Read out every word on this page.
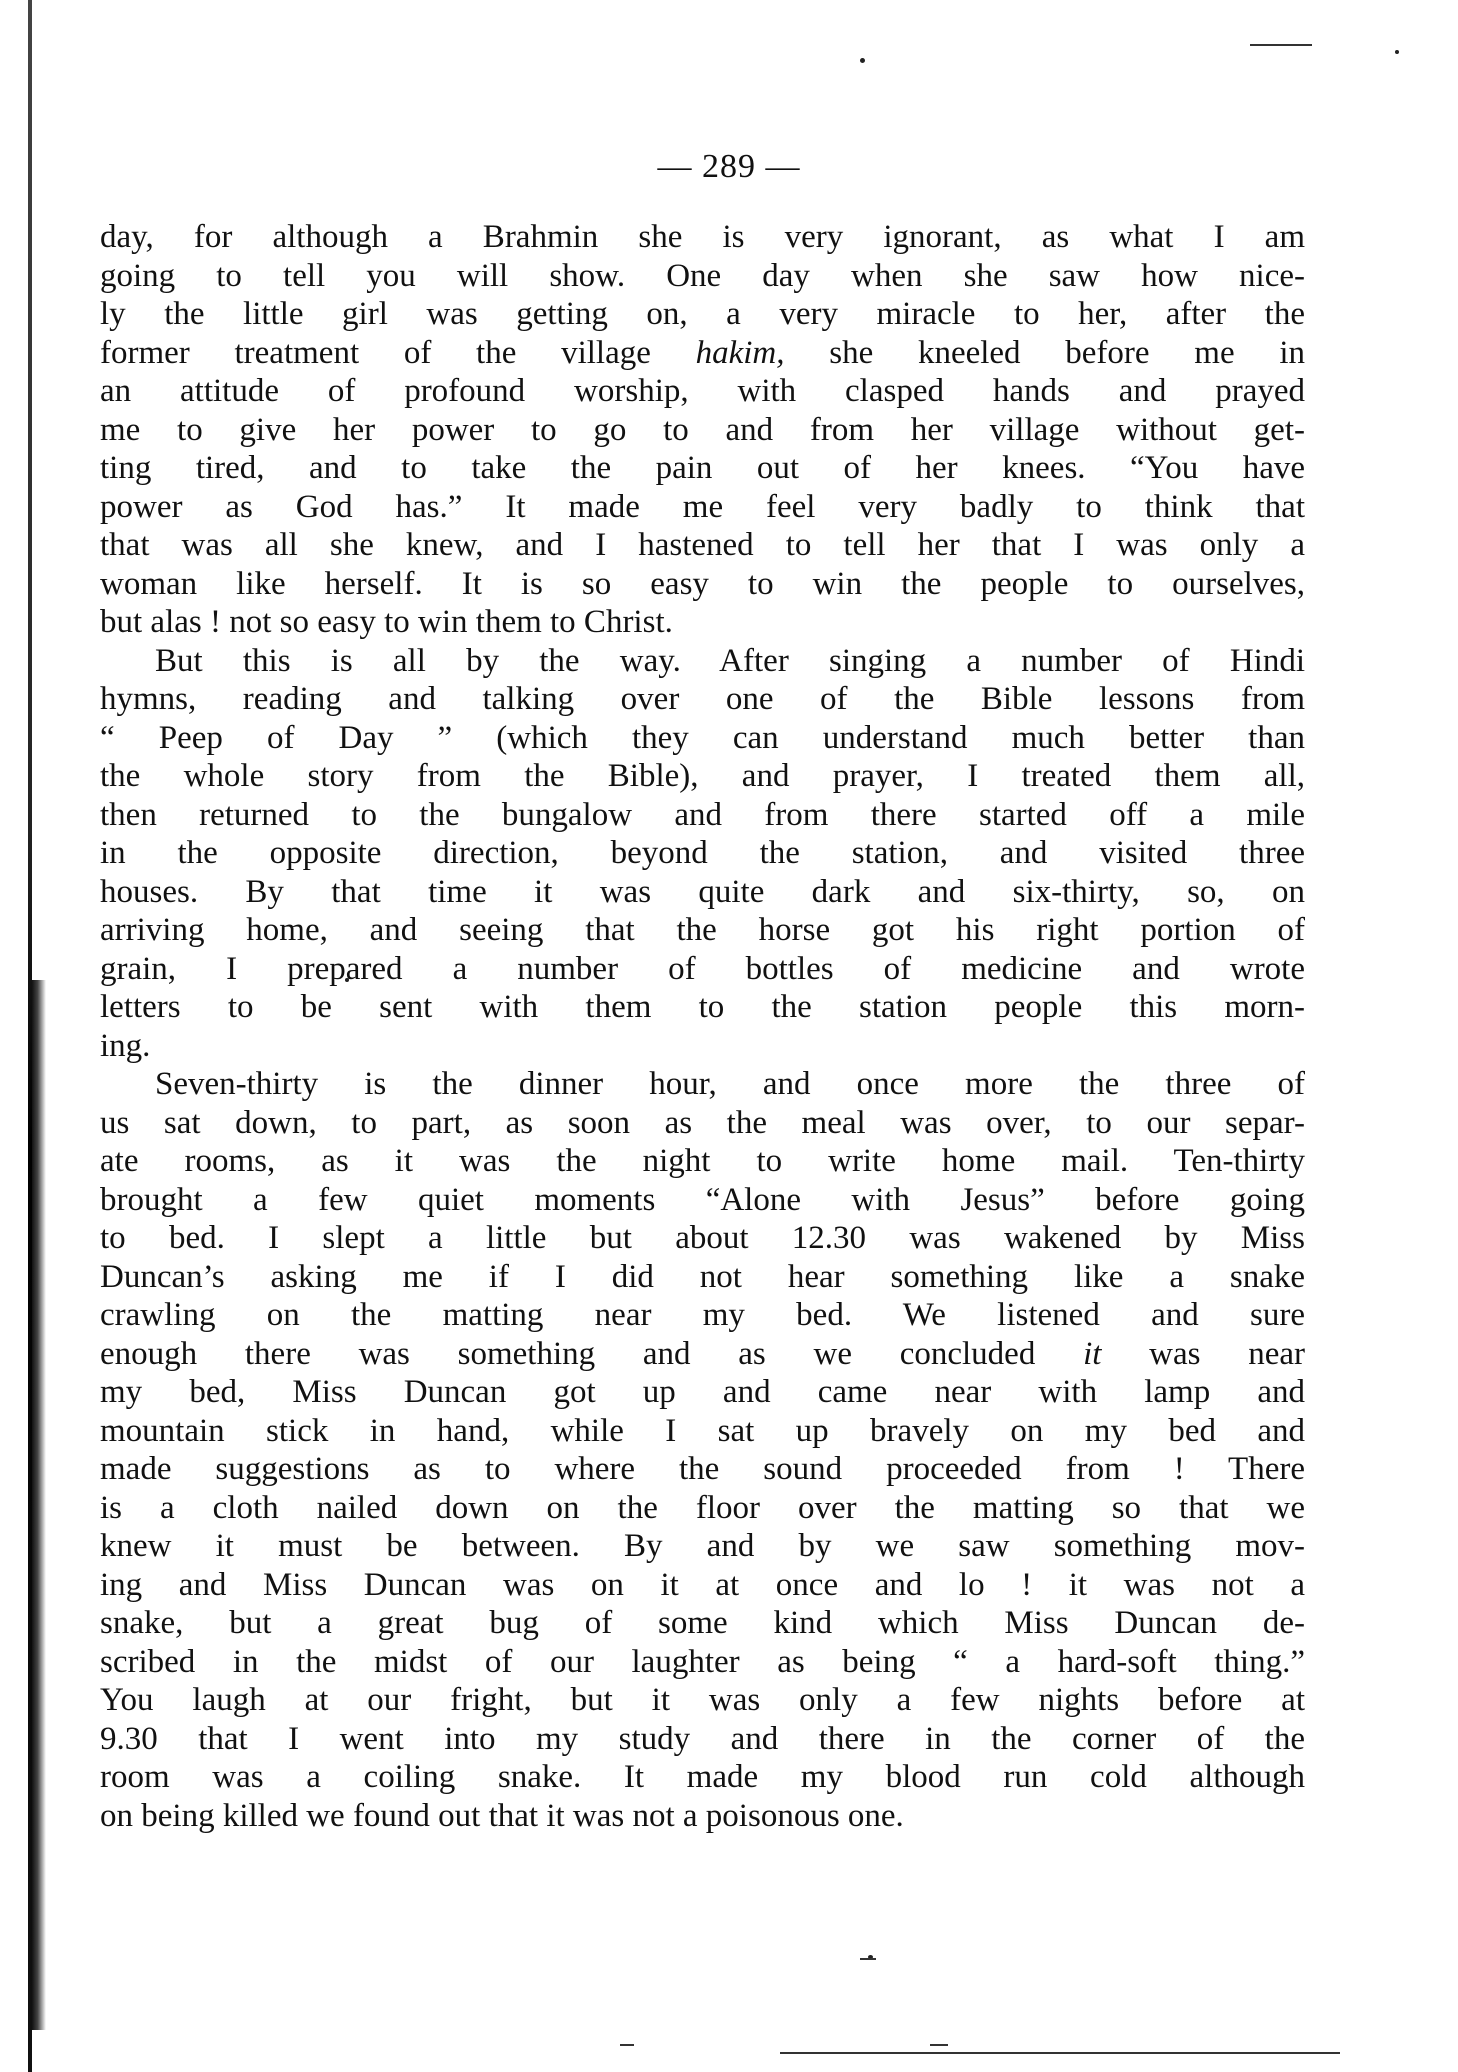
— 289 —
day, for although a Brahmin she is very ignorant, as what I am
going to tell you will show. One day when she saw how nice-
ly the little girl was getting on, a very miracle to her, after the
former treatment of the village hakim, she kneeled before me in
an attitude of profound worship, with clasped hands and prayed
me to give her power to go to and from her village without get-
ting tired, and to take the pain out of her knees. “You have
power as God has.” It made me feel very badly to think that
that was all she knew, and I hastened to tell her that I was only a
woman like herself. It is so easy to win the people to ourselves,
but alas ! not so easy to win them to Christ.
But this is all by the way. After singing a number of Hindi
hymns, reading and talking over one of the Bible lessons from
“ Peep of Day ” (which they can understand much better than
the whole story from the Bible), and prayer, I treated them all,
then returned to the bungalow and from there started off a mile
in the opposite direction, beyond the station, and visited three
houses. By that time it was quite dark and six-thirty, so, on
arriving home, and seeing that the horse got his right portion of
grain, I prepared a number of bottles of medicine and wrote
letters to be sent with them to the station people this morn-
ing.
Seven-thirty is the dinner hour, and once more the three of
us sat down, to part, as soon as the meal was over, to our separ-
ate rooms, as it was the night to write home mail. Ten-thirty
brought a few quiet moments “Alone with Jesus” before going
to bed. I slept a little but about 12.30 was wakened by Miss
Duncan’s asking me if I did not hear something like a snake
crawling on the matting near my bed. We listened and sure
enough there was something and as we concluded it was near
my bed, Miss Duncan got up and came near with lamp and
mountain stick in hand, while I sat up bravely on my bed and
made suggestions as to where the sound proceeded from ! There
is a cloth nailed down on the floor over the matting so that we
knew it must be between. By and by we saw something mov-
ing and Miss Duncan was on it at once and lo ! it was not a
snake, but a great bug of some kind which Miss Duncan de-
scribed in the midst of our laughter as being “ a hard-soft thing.”
You laugh at our fright, but it was only a few nights before at
9.30 that I went into my study and there in the corner of the
room was a coiling snake. It made my blood run cold although
on being killed we found out that it was not a poisonous one.
